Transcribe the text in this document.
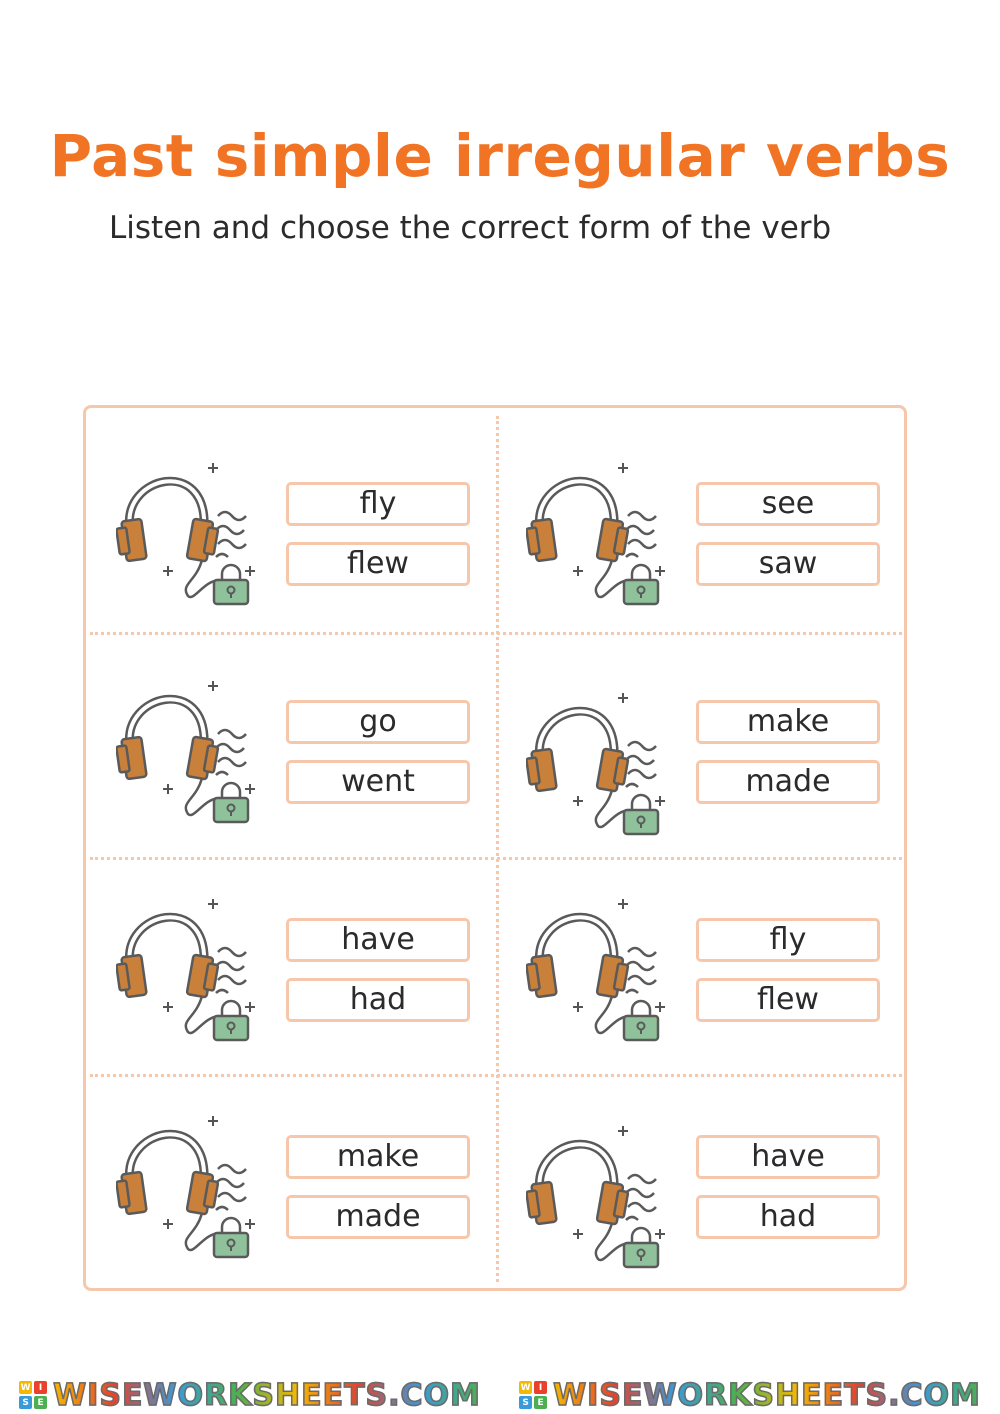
Past simple irregular verbs
Listen and choose the correct form of the verb
fly
flew
see
saw
go
went
make
made
have
had
fly
flew
make
made
have
had
W I
S E WISEWORKSHEETS.COM	W I
S E WISEWORKSHEETS.COM
